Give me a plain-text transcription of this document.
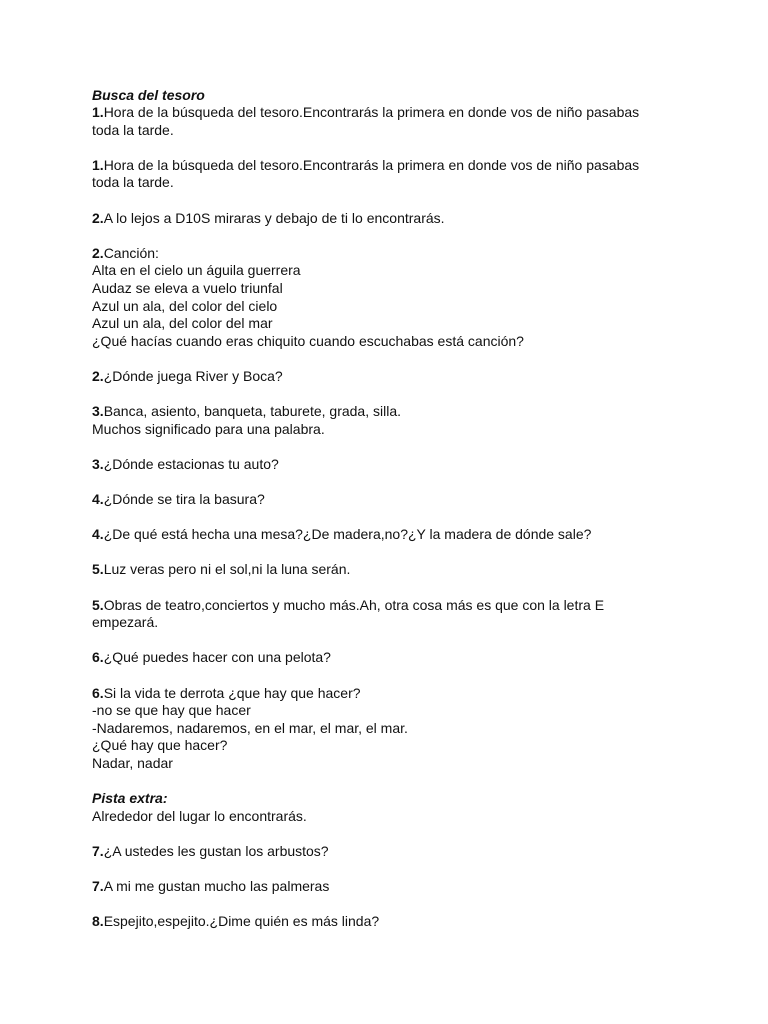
Busca del tesoro
1.Hora de la búsqueda del tesoro.Encontrarás la primera en donde vos de niño pasabas
toda la tarde.
1.Hora de la búsqueda del tesoro.Encontrarás la primera en donde vos de niño pasabas
toda la tarde.
2.A lo lejos a D10S miraras y debajo de ti lo encontrarás.
2.Canción:
Alta en el cielo un águila guerrera
Audaz se eleva a vuelo triunfal
Azul un ala, del color del cielo
Azul un ala, del color del mar
¿Qué hacías cuando eras chiquito cuando escuchabas está canción?
2.¿Dónde juega River y Boca?
3.Banca, asiento, banqueta, taburete, grada, silla.
Muchos significado para una palabra.
3.¿Dónde estacionas tu auto?
4.¿Dónde se tira la basura?
4.¿De qué está hecha una mesa?¿De madera,no?¿Y la madera de dónde sale?
5.Luz veras pero ni el sol,ni la luna serán.
5.Obras de teatro,conciertos y mucho más.Ah, otra cosa más es que con la letra E
empezará.
6.¿Qué puedes hacer con una pelota?
6.Si la vida te derrota ¿que hay que hacer?
-no se que hay que hacer
-Nadaremos, nadaremos, en el mar, el mar, el mar.
¿Qué hay que hacer?
Nadar, nadar
Pista extra:
Alrededor del lugar lo encontrarás.
7.¿A ustedes les gustan los arbustos?
7.A mi me gustan mucho las palmeras
8.Espejito,espejito.¿Dime quién es más linda?
